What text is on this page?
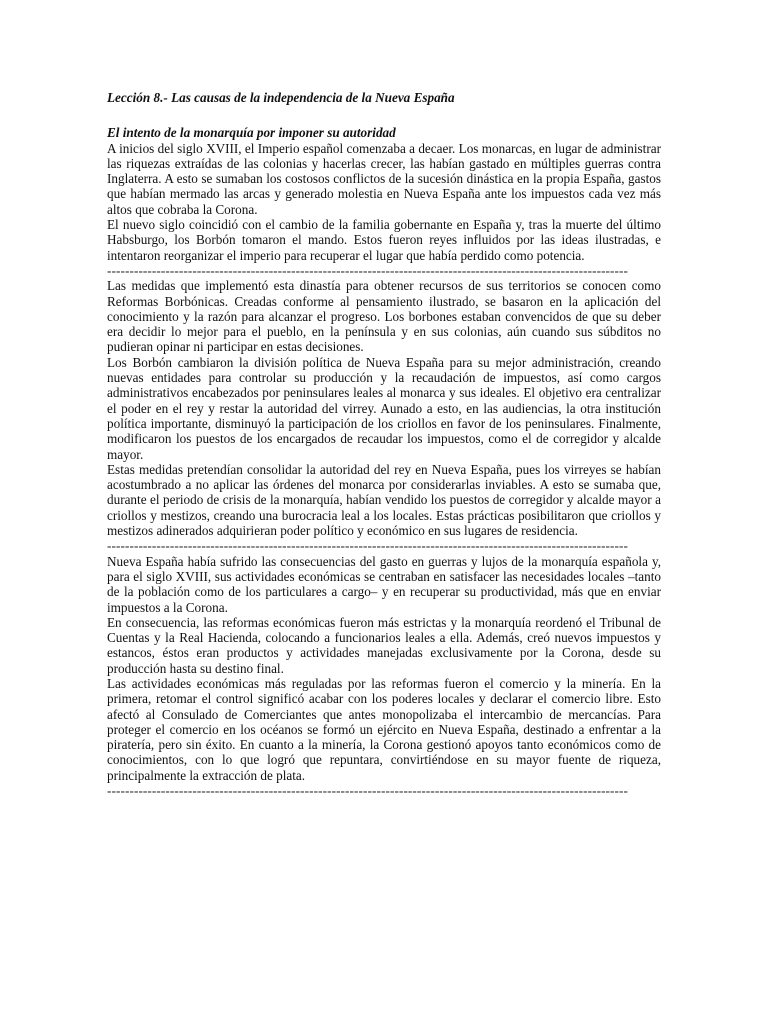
Lección 8.- Las causas de la independencia de la Nueva España

El intento de la monarquía por imponer su autoridad

A inicios del siglo XVIII, el Imperio español comenzaba a decaer. Los monarcas, en lugar de administrar las riquezas extraídas de las colonias y hacerlas crecer, las habían gastado en múltiples guerras contra Inglaterra. A esto se sumaban los costosos conflictos de la sucesión dinástica en la propia España, gastos que habían mermado las arcas y generado molestia en Nueva España ante los impuestos cada vez más altos que cobraba la Corona.

El nuevo siglo coincidió con el cambio de la familia gobernante en España y, tras la muerte del último Habsburgo, los Borbón tomaron el mando. Estos fueron reyes influidos por las ideas ilustradas, e intentaron reorganizar el imperio para recuperar el lugar que había perdido como potencia.

--------------------------------------------------------------------------------------------------------------------

Las medidas que implementó esta dinastía para obtener recursos de sus territorios se conocen como Reformas Borbónicas. Creadas conforme al pensamiento ilustrado, se basaron en la aplicación del conocimiento y la razón para alcanzar el progreso. Los borbones estaban convencidos de que su deber era decidir lo mejor para el pueblo, en la península y en sus colonias, aún cuando sus súbditos no pudieran opinar ni participar en estas decisiones.

Los Borbón cambiaron la división política de Nueva España para su mejor administración, creando nuevas entidades para controlar su producción y la recaudación de impuestos, así como cargos administrativos encabezados por peninsulares leales al monarca y sus ideales. El objetivo era centralizar el poder en el rey y restar la autoridad del virrey. Aunado a esto, en las audiencias, la otra institución política importante, disminuyó la participación de los criollos en favor de los peninsulares. Finalmente, modificaron los puestos de los encargados de recaudar los impuestos, como el de corregidor y alcalde mayor.

Estas medidas pretendían consolidar la autoridad del rey en Nueva España, pues los virreyes se habían acostumbrado a no aplicar las órdenes del monarca por considerarlas inviables. A esto se sumaba que, durante el periodo de crisis de la monarquía, habían vendido los puestos de corregidor y alcalde mayor a criollos y mestizos, creando una burocracia leal a los locales. Estas prácticas posibilitaron que criollos y mestizos adinerados adquirieran poder político y económico en sus lugares de residencia.

--------------------------------------------------------------------------------------------------------------------

Nueva España había sufrido las consecuencias del gasto en guerras y lujos de la monarquía española y, para el siglo XVIII, sus actividades económicas se centraban en satisfacer las necesidades locales –tanto de la población como de los particulares a cargo– y en recuperar su productividad, más que en enviar impuestos a la Corona.

En consecuencia, las reformas económicas fueron más estrictas y la monarquía reordenó el Tribunal de Cuentas y la Real Hacienda, colocando a funcionarios leales a ella. Además, creó nuevos impuestos y estancos, éstos eran productos y actividades manejadas exclusivamente por la Corona, desde su producción hasta su destino final.

Las actividades económicas más reguladas por las reformas fueron el comercio y la minería. En la primera, retomar el control significó acabar con los poderes locales y declarar el comercio libre. Esto afectó al Consulado de Comerciantes que antes monopolizaba el intercambio de mercancías. Para proteger el comercio en los océanos se formó un ejército en Nueva España, destinado a enfrentar a la piratería, pero sin éxito. En cuanto a la minería, la Corona gestionó apoyos tanto económicos como de conocimientos, con lo que logró que repuntara, convirtiéndose en su mayor fuente de riqueza, principalmente la extracción de plata.

--------------------------------------------------------------------------------------------------------------------
